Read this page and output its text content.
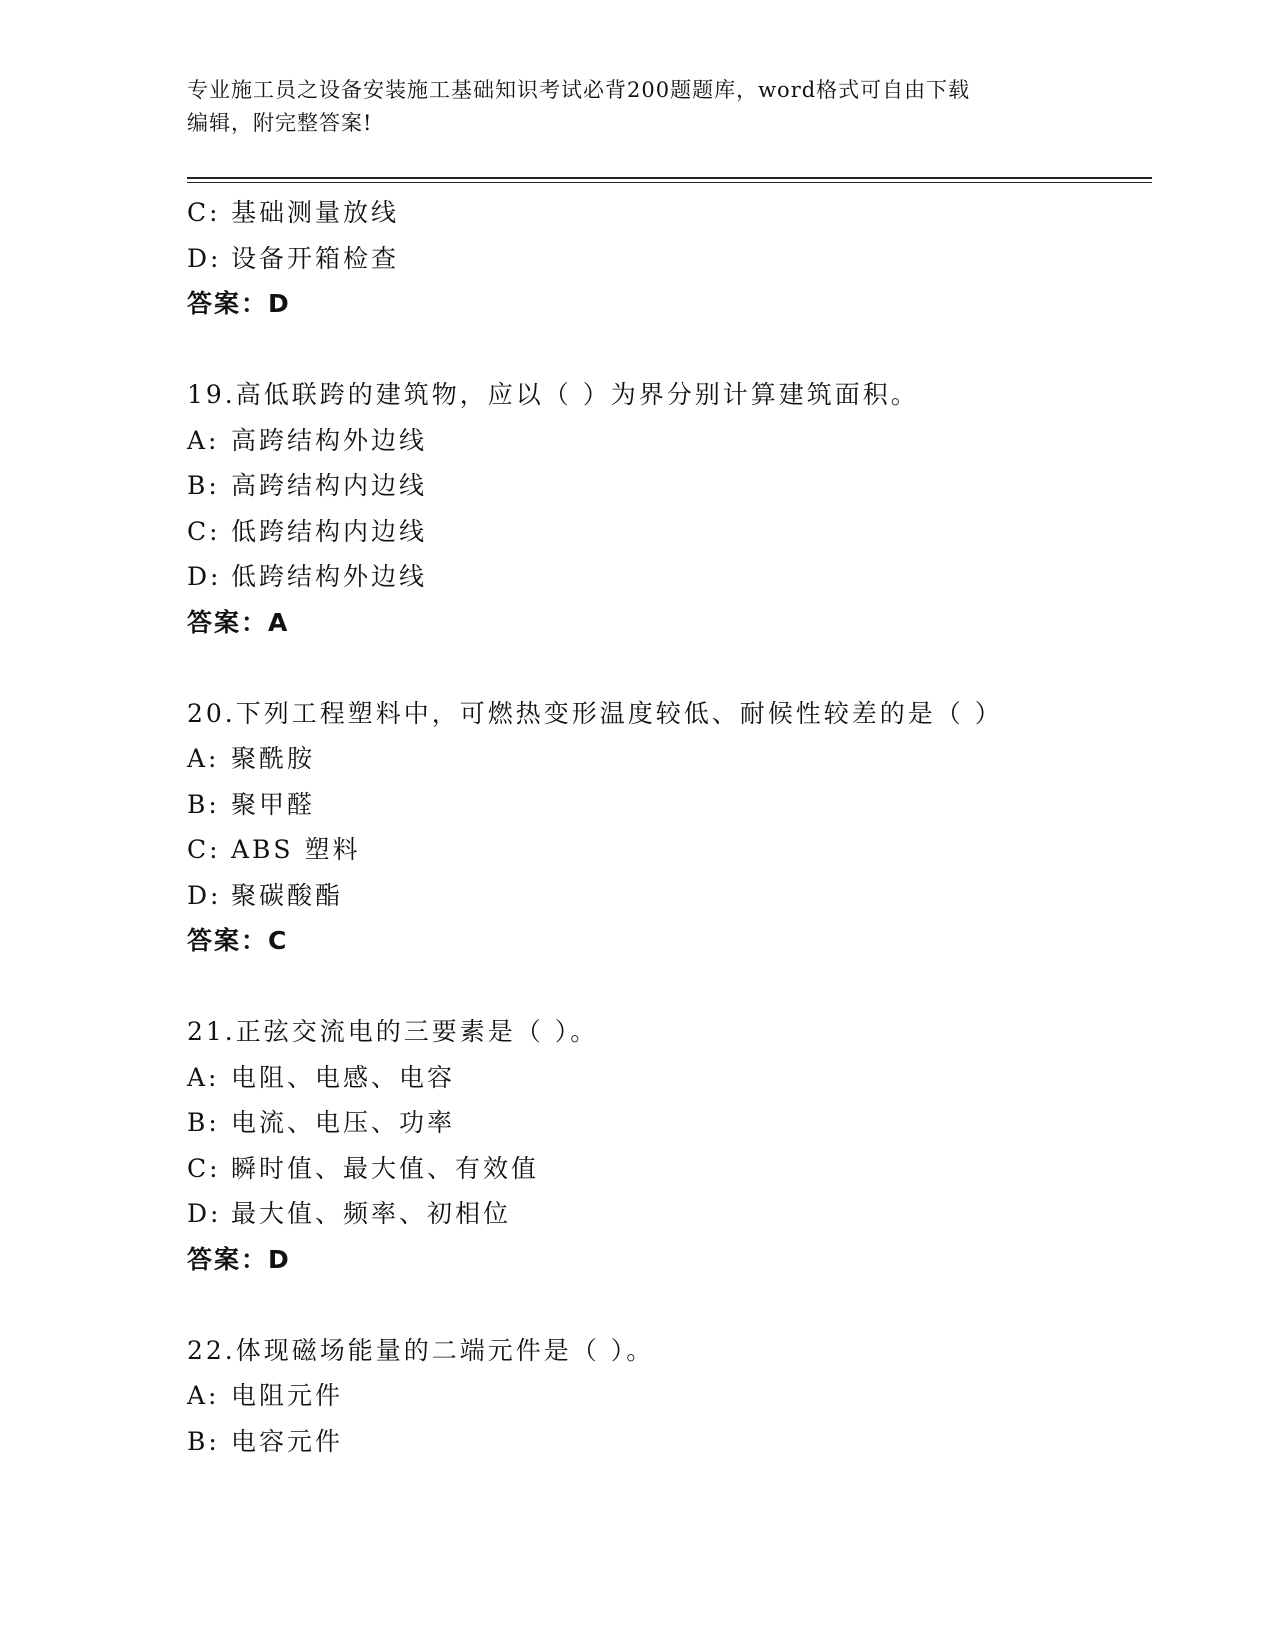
专业施工员之设备安装施工基础知识考试必背200题题库，word格式可自由下载
编辑，附完整答案!
C: 基础测量放线
D: 设备开箱检查
答案：D
19.高低联跨的建筑物，应以（ ）为界分别计算建筑面积。
A: 高跨结构外边线
B: 高跨结构内边线
C: 低跨结构内边线
D: 低跨结构外边线
答案：A
20.下列工程塑料中，可燃热变形温度较低、耐候性较差的是（ ）
A: 聚酰胺
B: 聚甲醛
C: ABS 塑料
D: 聚碳酸酯
答案：C
21.正弦交流电的三要素是（ ）。
A: 电阻、电感、电容
B: 电流、电压、功率
C: 瞬时值、最大值、有效值
D: 最大值、频率、初相位
答案：D
22.体现磁场能量的二端元件是（ ）。
A: 电阻元件
B: 电容元件
